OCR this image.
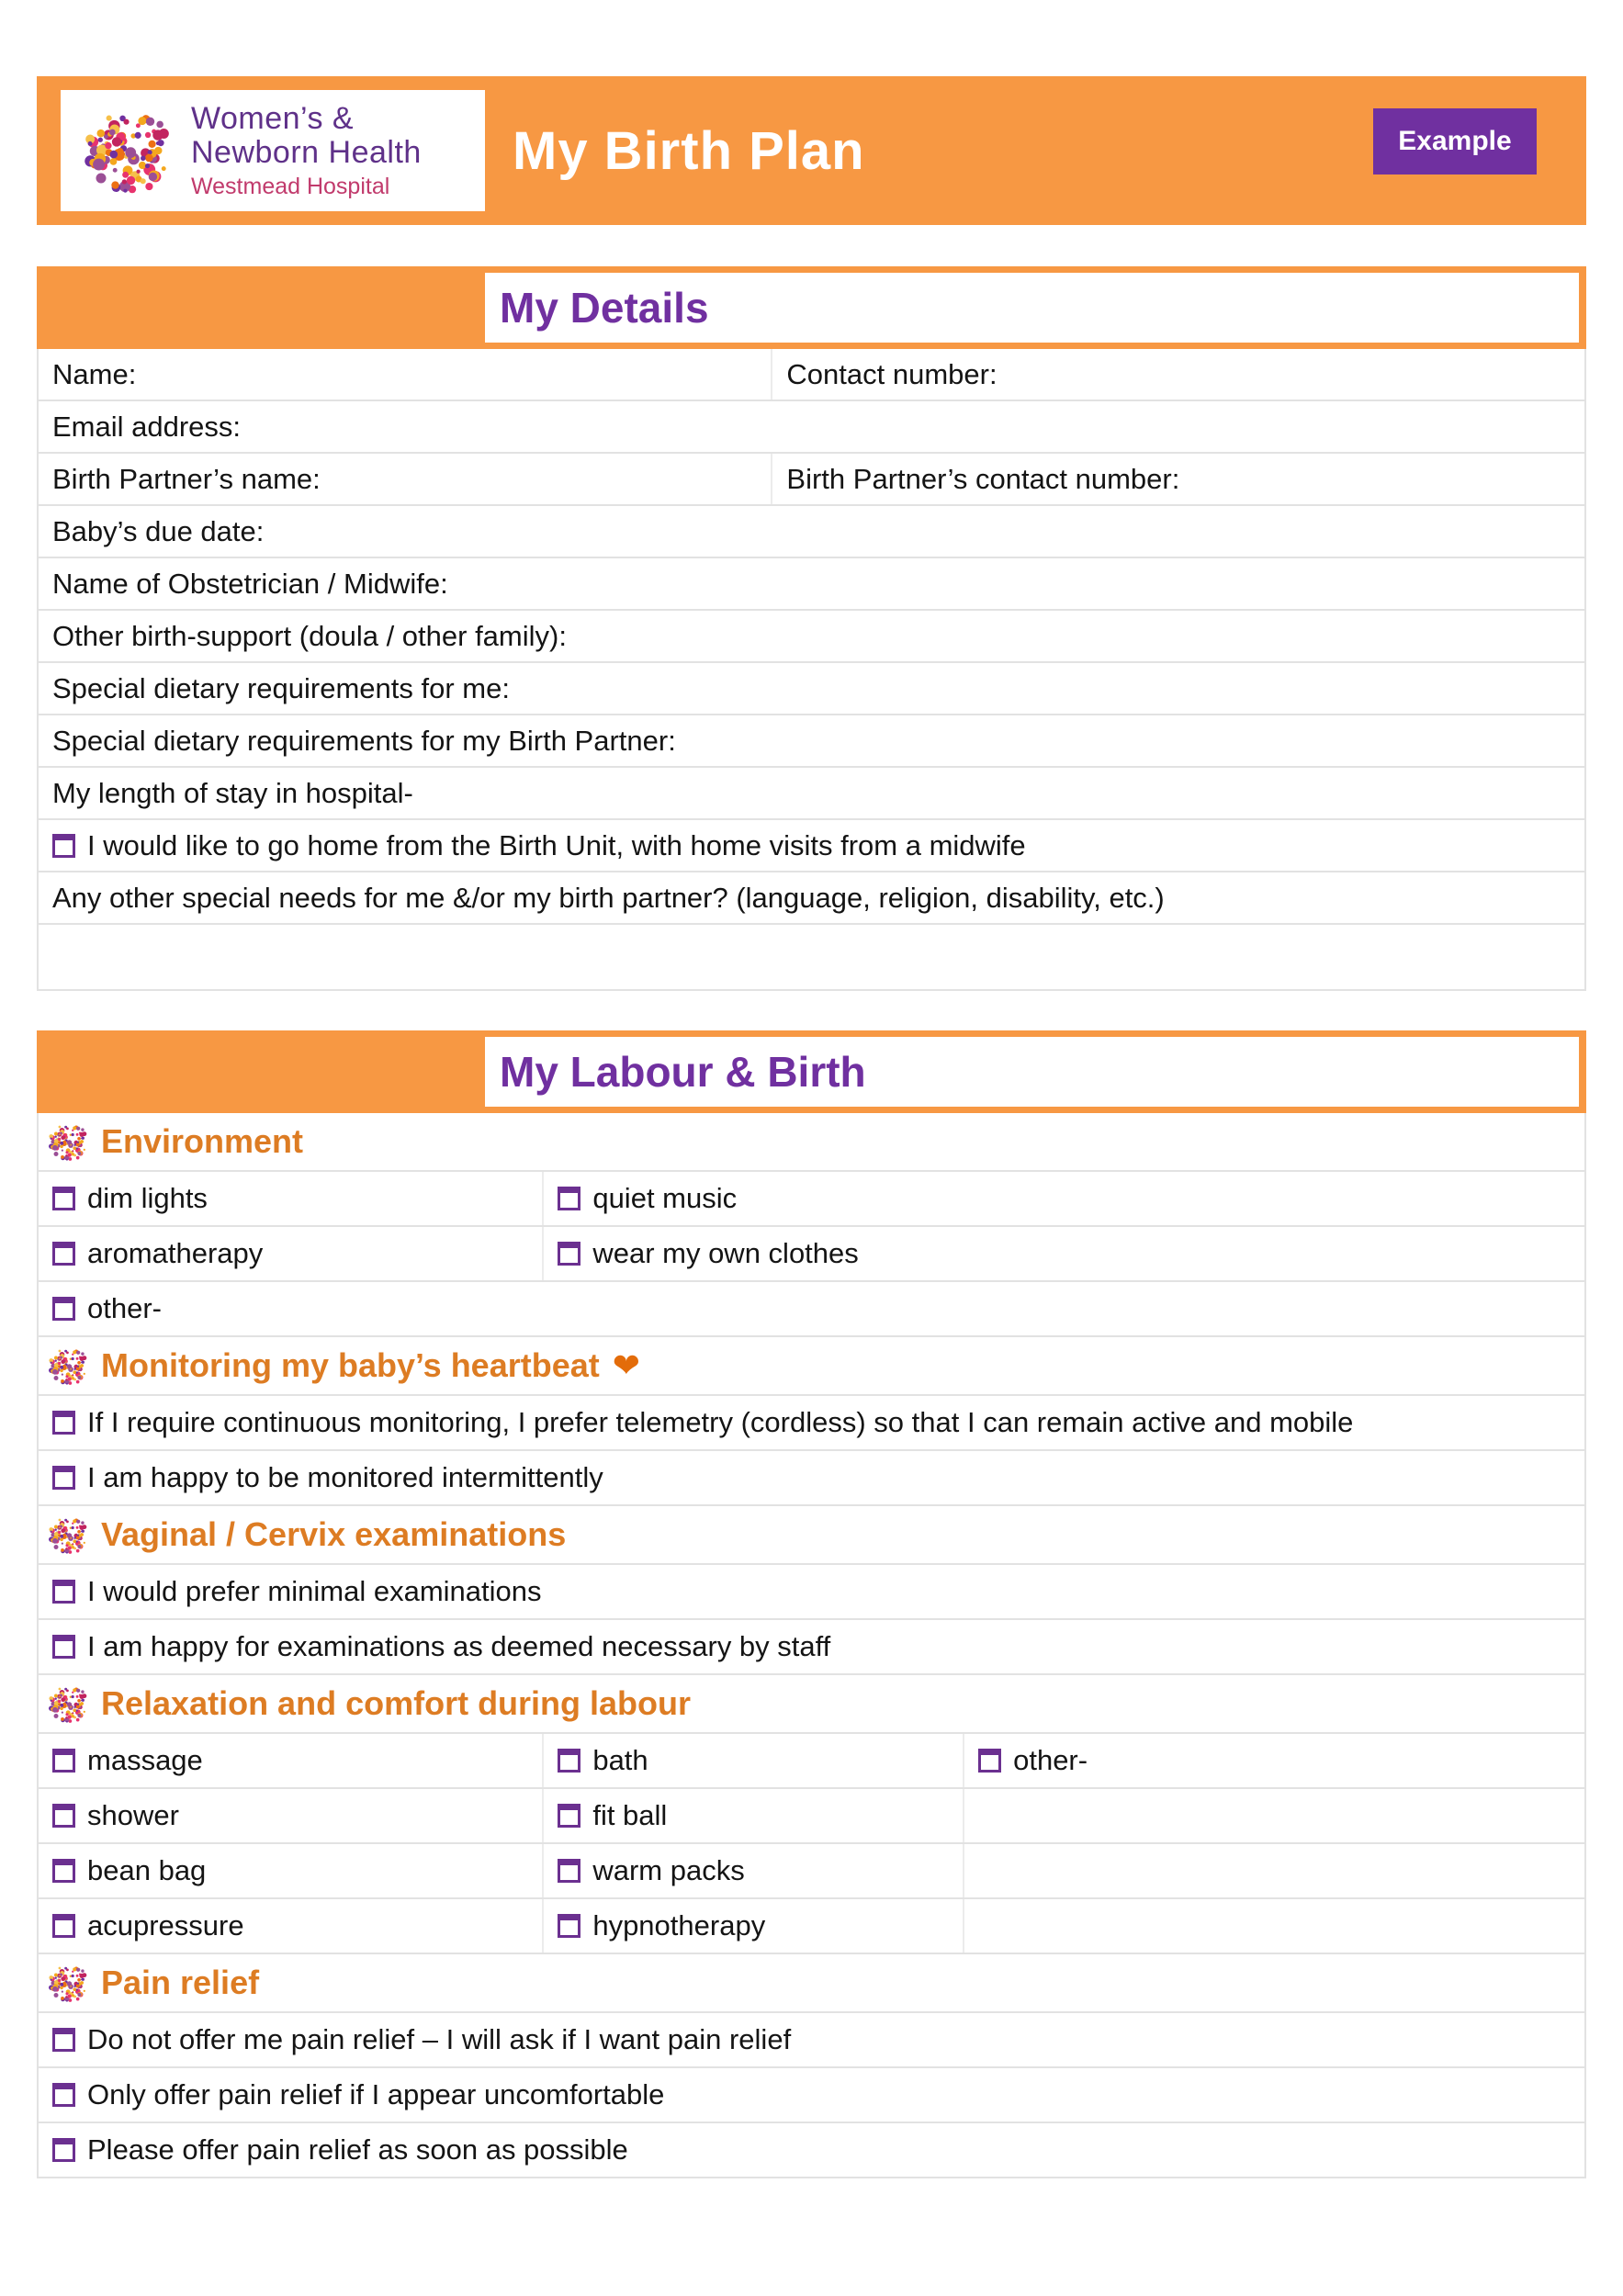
Women’s &
Newborn Health
Westmead Hospital
My Birth Plan	Example
My Details
Name:	Contact number:
Email address:
Birth Partner’s name:	Birth Partner’s contact number:
Baby’s due date:
Name of Obstetrician / Midwife:
Other birth-support (doula / other family):
Special dietary requirements for me:
Special dietary requirements for my Birth Partner:
My length of stay in hospital-
I would like to go home from the Birth Unit, with home visits from a midwife
Any other special needs for me &/or my birth partner? (language, religion, disability, etc.)
My Labour & Birth
Environment
dim lights	quiet music
aromatherapy	wear my own clothes
other-
Monitoring my baby’s heartbeat ❤
If I require continuous monitoring, I prefer telemetry (cordless) so that I can remain active and mobile
I am happy to be monitored intermittently
Vaginal / Cervix examinations
I would prefer minimal examinations
I am happy for examinations as deemed necessary by staff
Relaxation and comfort during labour
massage	bath	other-
shower	fit ball
bean bag	warm packs
acupressure	hypnotherapy
Pain relief
Do not offer me pain relief – I will ask if I want pain relief
Only offer pain relief if I appear uncomfortable
Please offer pain relief as soon as possible
